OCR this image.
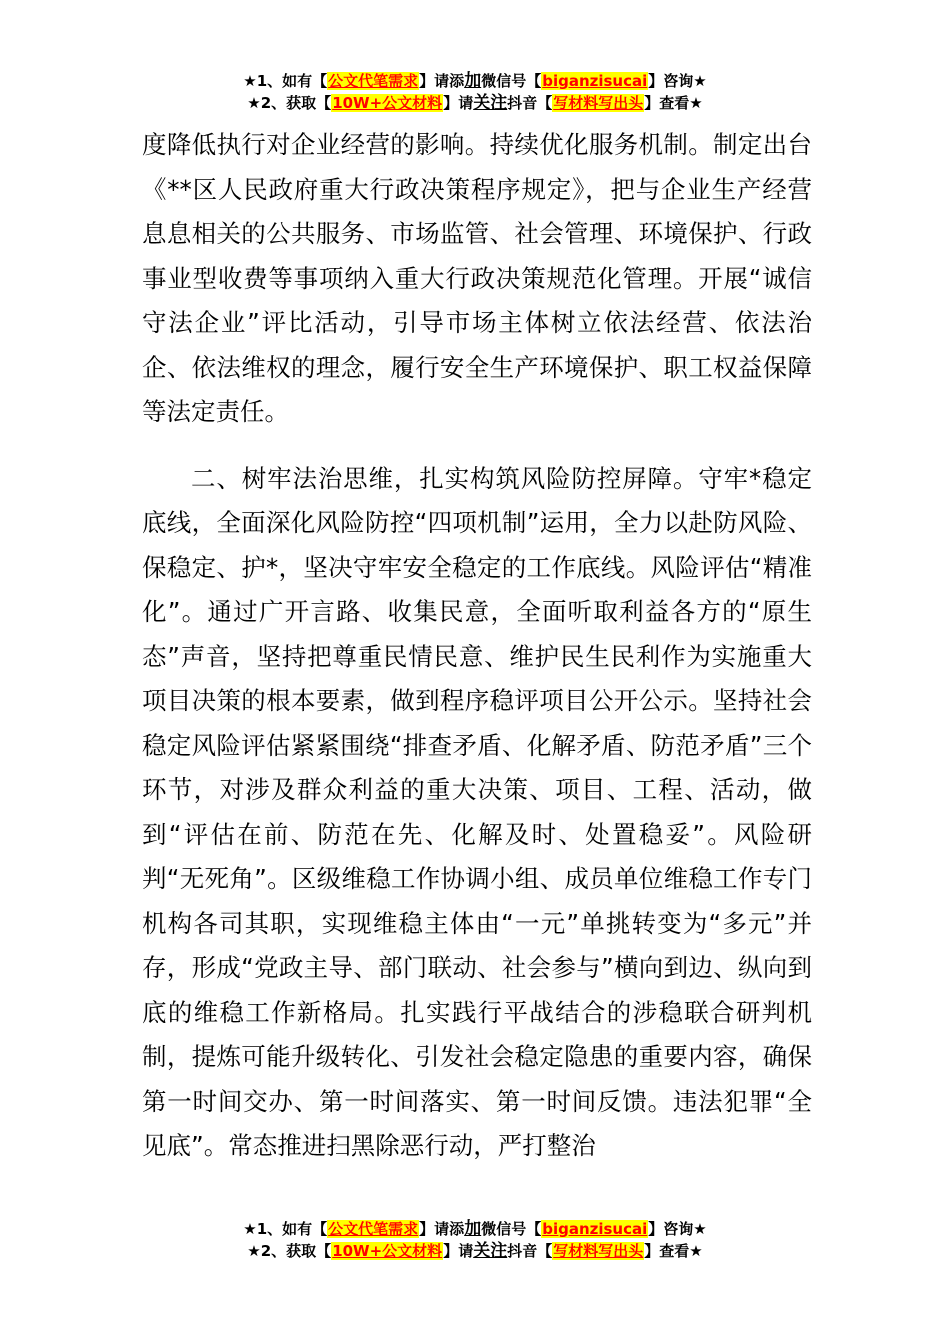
★1、如有【公文代笔需求】请添加微信号【biganzisucai】咨询★
★2、获取【10W+公文材料】请关注抖音【写材料写出头】查看★

度降低执行对企业经营的影响。持续优化服务机制。制定出台《**区人民政府重大行政决策程序规定》，把与企业生产经营息息相关的公共服务、市场监管、社会管理、环境保护、行政事业型收费等事项纳入重大行政决策规范化管理。开展“诚信守法企业”评比活动，引导市场主体树立依法经营、依法治企、依法维权的理念，履行安全生产环境保护、职工权益保障等法定责任。

二、树牢法治思维，扎实构筑风险防控屏障。守牢*稳定底线，全面深化风险防控“四项机制”运用，全力以赴防风险、保稳定、护*，坚决守牢安全稳定的工作底线。风险评估“精准化”。通过广开言路、收集民意，全面听取利益各方的“原生态”声音，坚持把尊重民情民意、维护民生民利作为实施重大项目决策的根本要素，做到程序稳评项目公开公示。坚持社会稳定风险评估紧紧围绕“排查矛盾、化解矛盾、防范矛盾”三个环节，对涉及群众利益的重大决策、项目、工程、活动，做到“评估在前、防范在先、化解及时、处置稳妥”。风险研判“无死角”。区级维稳工作协调小组、成员单位维稳工作专门机构各司其职，实现维稳主体由“一元”单挑转变为“多元”并存，形成“党政主导、部门联动、社会参与”横向到边、纵向到底的维稳工作新格局。扎实践行平战结合的涉稳联合研判机制，提炼可能升级转化、引发社会稳定隐患的重要内容，确保第一时间交办、第一时间落实、第一时间反馈。违法犯罪“全见底”。常态推进扫黑除恶行动，严打整治

★1、如有【公文代笔需求】请添加微信号【biganzisucai】咨询★
★2、获取【10W+公文材料】请关注抖音【写材料写出头】查看★
